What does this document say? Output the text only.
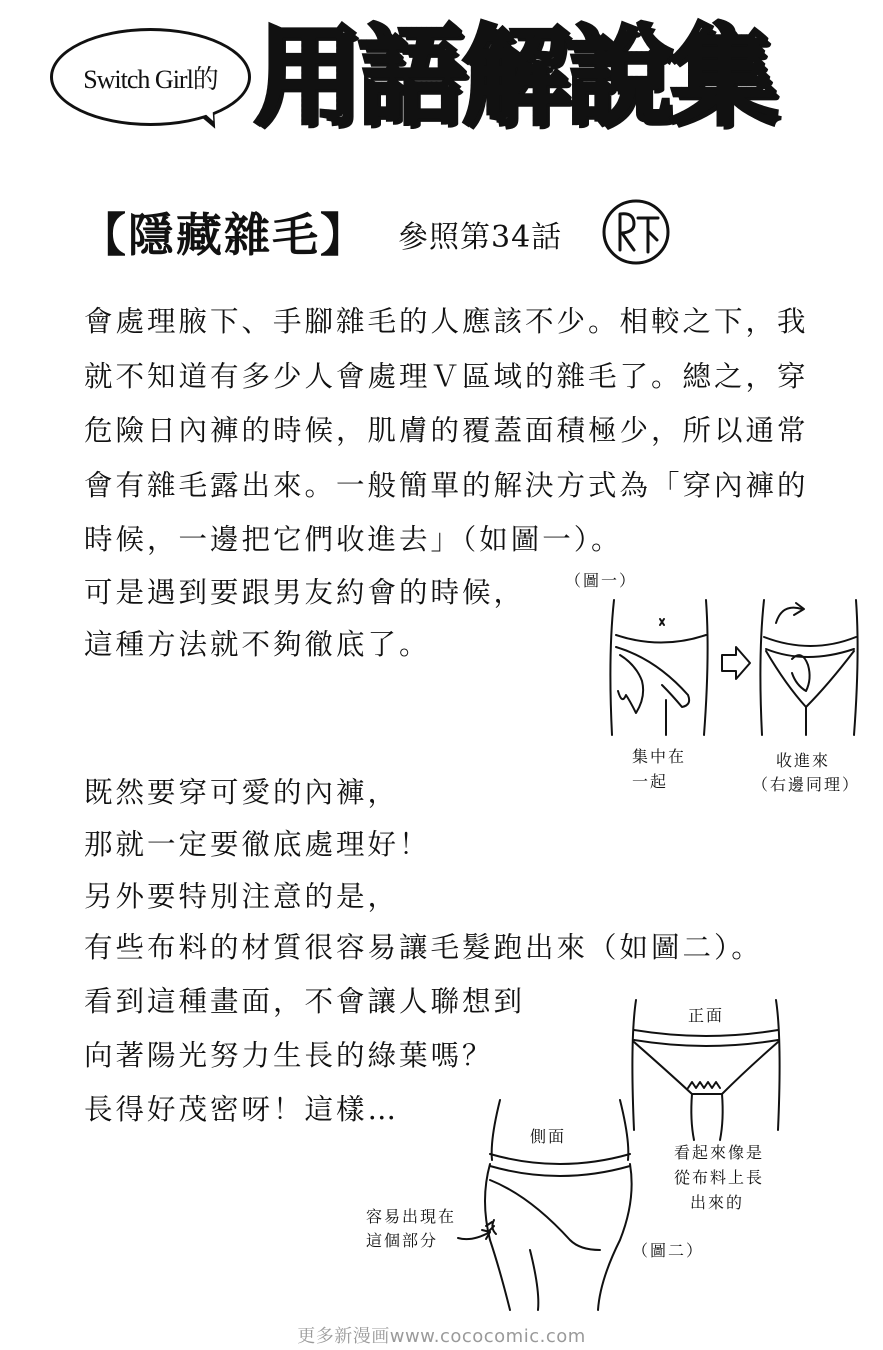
Switch Girl的 用語解說集
【隱藏雜毛】 參照第34話
會處理腋下、手腳雜毛的人應該不少。相較之下，我
就不知道有多少人會處理Ｖ區域的雜毛了。總之，穿
危險日內褲的時候，肌膚的覆蓋面積極少，所以通常
會有雜毛露出來。一般簡單的解決方式為「穿內褲的
時候，一邊把它們收進去」（如圖一）。
可是遇到要跟男友約會的時候，
這種方法就不夠徹底了。
（圖一）
集中在
一起
收進來
（右邊同理）
既然要穿可愛的內褲，
那就一定要徹底處理好！
另外要特別注意的是，
有些布料的材質很容易讓毛髮跑出來（如圖二）。
看到這種畫面，不會讓人聯想到
向著陽光努力生長的綠葉嗎？
長得好茂密呀！這樣…
正面
側面
看起來像是
從布料上長
出來的
容易出現在
這個部分
（圖二）
更多新漫画www.cococomic.com
